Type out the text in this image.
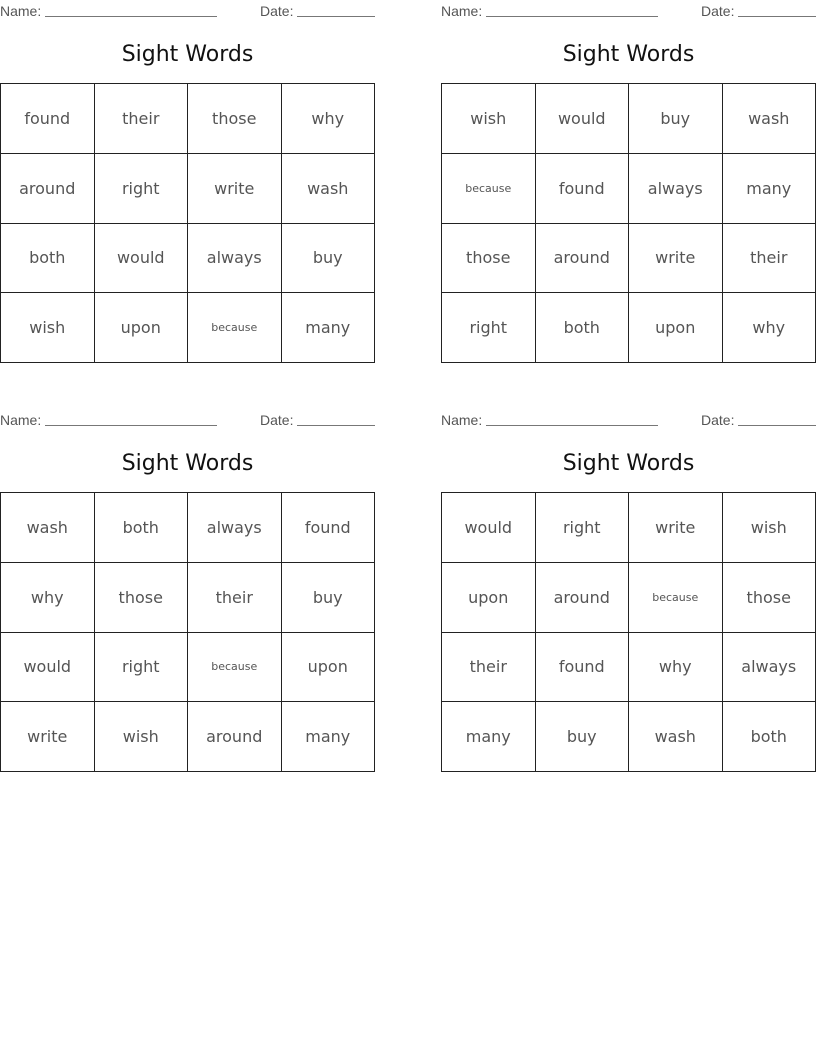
Name:	Date:
Sight Words
found	their	those	why
around	right	write	wash
both	would	always	buy
wish	upon	because	many
Name:	Date:
Sight Words
wish	would	buy	wash
because	found	always	many
those	around	write	their
right	both	upon	why
Name:	Date:
Sight Words
wash	both	always	found
why	those	their	buy
would	right	because	upon
write	wish	around	many
Name:	Date:
Sight Words
would	right	write	wish
upon	around	because	those
their	found	why	always
many	buy	wash	both
